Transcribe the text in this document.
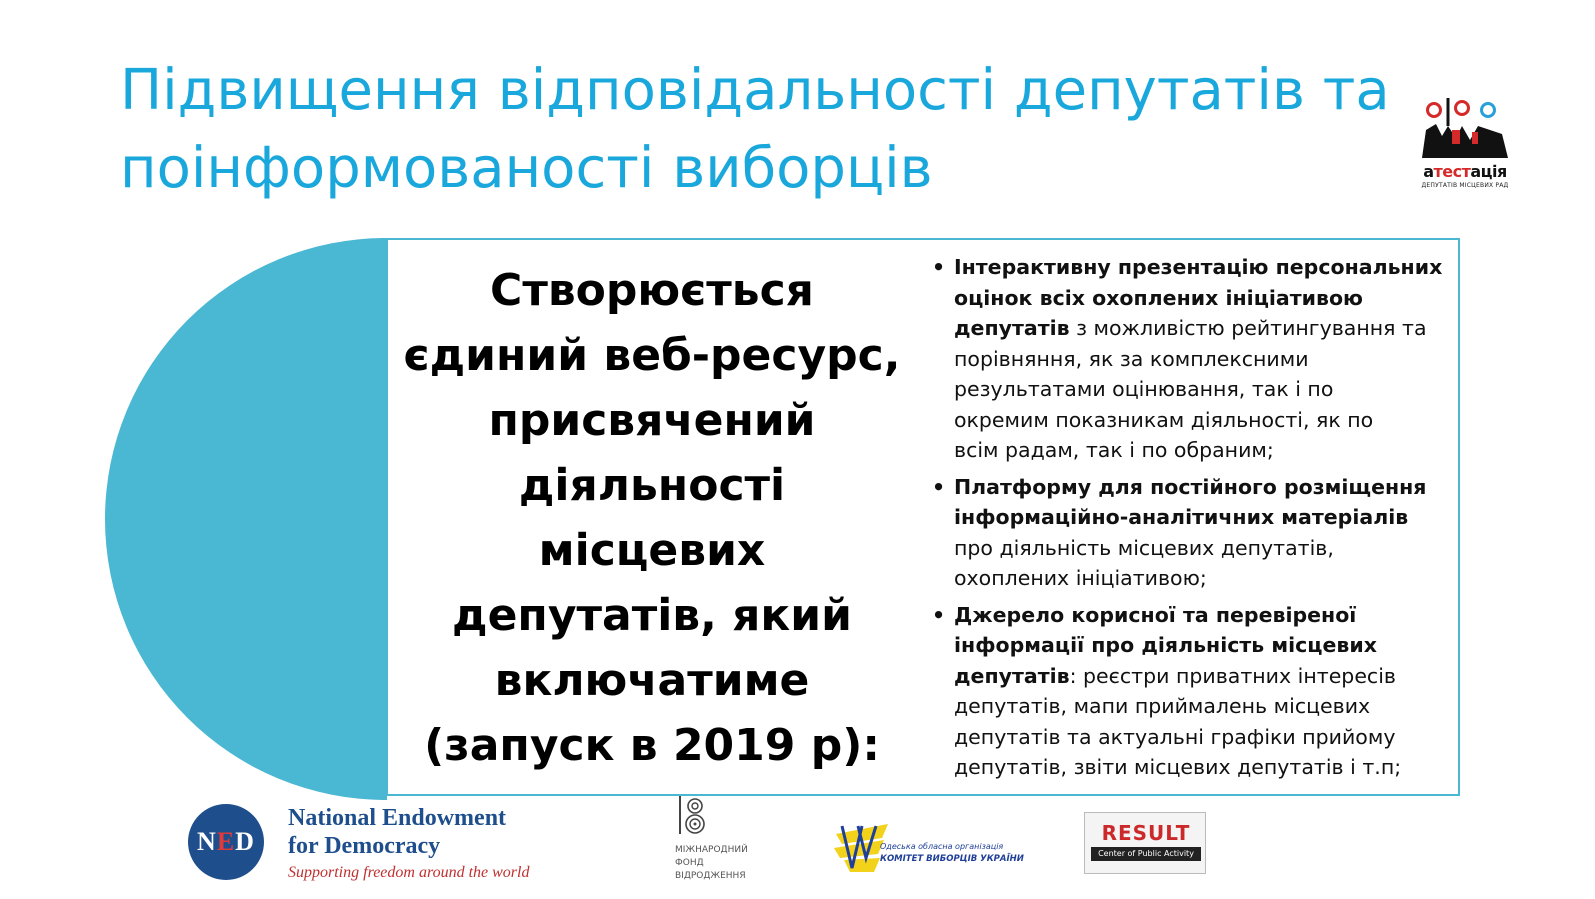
Підвищення відповідальності депутатів та
поінформованості виборців	атестація
ДЕПУТАТІВ МІСЦЕВИХ РАД
Створюється
єдиний веб-ресурс,
присвячений
діяльності
місцевих
депутатів, який
включатиме
(запуск в 2019 р):
• Інтерактивну презентацію персональних
оцінок всіх охоплених ініціативою
депутатів з можливістю рейтингування та
порівняння, як за комплексними
результатами оцінювання, так і по
окремим показникам діяльності, як по
всім радам, так і по обраним;
• Платформу для постійного розміщення
інформаційно-аналітичних матеріалів
про діяльність місцевих депутатів,
охоплених ініціативою;
• Джерело корисної та перевіреної
інформації про діяльність місцевих
депутатів: реєстри приватних інтересів
депутатів, мапи приймалень місцевих
депутатів та актуальні графіки прийому
депутатів, звіти місцевих депутатів і т.п;
NED
National Endowment
for Democracy
Supporting freedom around the world
МІЖНАРОДНИЙ
ФОНД
ВІДРОДЖЕННЯ
Одеська обласна організація
КОМІТЕТ ВИБОРЦІВ УКРАЇНИ
RESULT
Center of Public Activity
